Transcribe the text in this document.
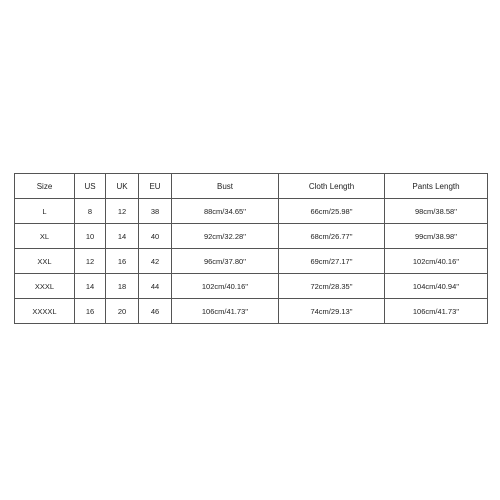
Size	US	UK	EU	Bust	Cloth Length	Pants Length
L	8	12	38	88cm/34.65''	66cm/25.98''	98cm/38.58''
XL	10	14	40	92cm/32.28''	68cm/26.77''	99cm/38.98''
XXL	12	16	42	96cm/37.80''	69cm/27.17''	102cm/40.16''
XXXL	14	18	44	102cm/40.16''	72cm/28.35''	104cm/40.94''
XXXXL	16	20	46	106cm/41.73''	74cm/29.13''	106cm/41.73''
